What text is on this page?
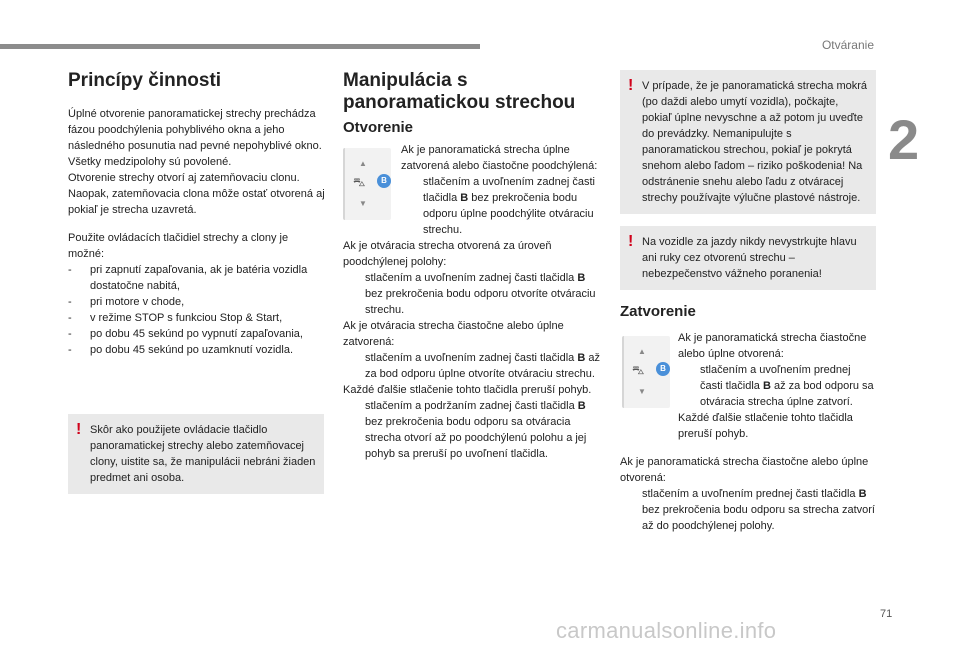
Otváranie
2
Princípy činnosti

Úplné otvorenie panoramatickej strechy prechádza fázou poodchýlenia pohyblivého okna a jeho následného posunutia nad pevné nepohyblivé okno.

Všetky medzipolohy sú povolené.

Otvorenie strechy otvorí aj zatemňovaciu clonu. Naopak, zatemňovacia clona môže ostať otvorená aj pokiaľ je strecha uzavretá.

Použite ovládacích tlačidiel strechy a clony je možné:

-	pri zapnutí zapaľovania, ak je batéria vozidla dostatočne nabitá,
-	pri motore v chode,
-	v režime STOP s funkciou Stop & Start,
-	po dobu 45 sekúnd po vypnutí zapaľovania,
-	po dobu 45 sekúnd po uzamknutí vozidla.
! Skôr ako použijete ovládacie tlačidlo panoramatickej strechy alebo zatemňovacej clony, uistite sa, že manipulácii nebráni žiaden predmet ani osoba.

Manipulácia s panoramatickou strechou
Otvorenie
▲
⛍
▼
B

Ak je panoramatická strecha úplne zatvorená alebo čiastočne poodchýlená:

stlačením a uvoľnením zadnej časti tlačidla B bez prekročenia bodu odporu úplne poodchýlite otváraciu strechu.

Ak je otváracia strecha otvorená za úroveň poodchýlenej polohy:

stlačením a uvoľnením zadnej časti tlačidla B bez prekročenia bodu odporu otvoríte otváraciu strechu.

Ak je otváracia strecha čiastočne alebo úplne zatvorená:

stlačením a uvoľnením zadnej časti tlačidla B až za bod odporu úplne otvoríte otváraciu strechu.

Každé ďalšie stlačenie tohto tlačidla preruší pohyb.

stlačením a podržaním zadnej časti tlačidla B bez prekročenia bodu odporu sa otváracia strecha otvorí až po poodchýlenú polohu a jej pohyb sa preruší po uvoľnení tlačidla.
! V prípade, že je panoramatická strecha mokrá (po daždi alebo umytí vozidla), počkajte, pokiaľ úplne nevyschne a až potom ju uveďte do prevádzky. Nemanipulujte s panoramatickou strechou, pokiaľ je pokrytá snehom alebo ľadom – riziko poškodenia! Na odstránenie snehu alebo ľadu z otváracej strechy používajte výlučne plastové nástroje.

! Na vozidle za jazdy nikdy nevystrkujte hlavu ani ruky cez otvorenú strechu – nebezpečenstvo vážneho poranenia!

Zatvorenie
▲
⛍
▼
B

Ak je panoramatická strecha čiastočne alebo úplne otvorená:

stlačením a uvoľnením prednej časti tlačidla B až za bod odporu sa otváracia strecha úplne zatvorí.

Každé ďalšie stlačenie tohto tlačidla preruší pohyb.

Ak je panoramatická strecha čiastočne alebo úplne otvorená:

stlačením a uvoľnením prednej časti tlačidla B bez prekročenia bodu odporu sa strecha zatvorí až do poodchýlenej polohy.
71
carmanualsonline.info
